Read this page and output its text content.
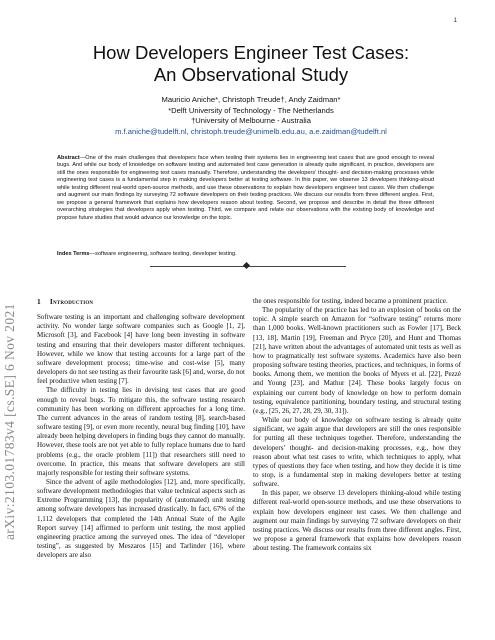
1
arXiv:2103.01783v4 [cs.SE] 6 Nov 2021
How Developers Engineer Test Cases:
An Observational Study
Mauricio Aniche*, Christoph Treude†, Andy Zaidman*
*Delft University of Technology - The Netherlands
†University of Melbourne - Australia
m.f.aniche@tudelft.nl, christoph.treude@unimelb.edu.au, a.e.zaidman@tudelft.nl
Abstract—One of the main challenges that developers face when testing their systems lies in engineering test cases that are good enough to reveal bugs. And while our body of knowledge on software testing and automated test case generation is already quite significant, in practice, developers are still the ones responsible for engineering test cases manually. Therefore, understanding the developers’ thought- and decision-making processes while engineering test cases is a fundamental step in making developers better at testing software. In this paper, we observe 13 developers thinking-aloud while testing different real-world open-source methods, and use these observations to explain how developers engineer test cases. We then challenge and augment our main findings by surveying 72 software developers on their testing practices. We discuss our results from three different angles. First, we propose a general framework that explains how developers reason about testing. Second, we propose and describe in detail the three different overarching strategies that developers apply when testing. Third, we compare and relate our observations with the existing body of knowledge and propose future studies that would advance our knowledge on the topic.
Index Terms—software engineering, software testing, developer testing.
1 Introduction

Software testing is an important and challenging software development activity. No wonder large software companies such as Google [1, 2], Microsoft [3], and Facebook [4] have long been investing in software testing and ensuring that their developers master different techniques. However, while we know that testing accounts for a large part of the software development process; time-wise and cost-wise [5], many developers do not see testing as their favourite task [6] and, worse, do not feel productive when testing [7].

The difficulty in testing lies in devising test cases that are good enough to reveal bugs. To mitigate this, the software testing research community has been working on different approaches for a long time. The current advances in the areas of random testing [8], search-based software testing [9], or even more recently, neural bug finding [10], have already been helping developers in finding bugs they cannot do manually. However, these tools are not yet able to fully replace humans due to hard problems (e.g., the oracle problem [11]) that researchers still need to overcome. In practice, this means that software developers are still majorly responsible for testing their software systems.

Since the advent of agile methodologies [12], and, more specifically, software development methodologies that value technical aspects such as Extreme Programming [13], the popularity of (automated) unit testing among software developers has increased drastically. In fact, 67% of the 1,112 developers that completed the 14th Annual State of the Agile Report survey [14] affirmed to perform unit testing, the most applied engineering practice among the surveyed ones. The idea of “developer testing”, as suggested by Meszaros [15] and Tarlinder [16], where developers are also

the ones responsible for testing, indeed became a prominent practice.

The popularity of the practice has led to an explosion of books on the topic. A simple search on Amazon for “software testing” returns more than 1,000 books. Well-known practitioners such as Fowler [17], Beck [13, 18], Martin [19], Freeman and Pryce [20], and Hunt and Thomas [21], have written about the advantages of automated unit tests as well as how to pragmatically test software systems. Academics have also been proposing software testing theories, practices, and techniques, in forms of books. Among them, we mention the books of Myers et al. [22], Pezzè and Young [23], and Mathur [24]. These books largely focus on explaining our current body of knowledge on how to perform domain testing, equivalence partitioning, boundary testing, and structural testing (e.g., [25, 26, 27, 28, 29, 30, 31]).

While our body of knowledge on software testing is already quite significant, we again argue that developers are still the ones responsible for putting all these techniques together. Therefore, understanding the developers’ thought- and decision-making processes, e.g., how they reason about what test cases to write, which techniques to apply, what types of questions they face when testing, and how they decide it is time to stop, is a fundamental step in making developers better at testing software.

In this paper, we observe 13 developers thinking-aloud while testing different real-world open-source methods, and use these observations to explain how developers engineer test cases. We then challenge and augment our main findings by surveying 72 software developers on their testing practices. We discuss our results from three different angles. First, we propose a general framework that explains how developers reason about testing. The framework contains six
